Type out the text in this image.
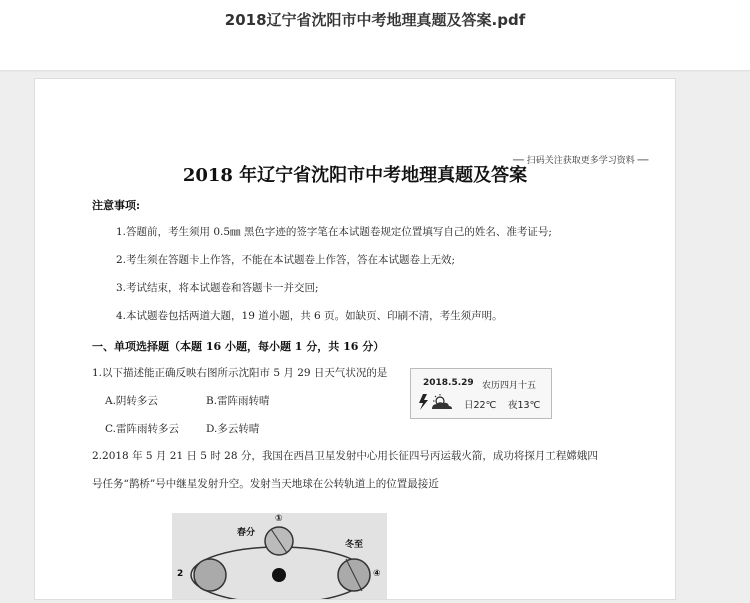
2018辽宁省沈阳市中考地理真题及答案.pdf
── 扫码关注获取更多学习资料 ──
2018 年辽宁省沈阳市中考地理真题及答案
注意事项:
1.答题前，考生须用 0.5㎜ 黑色字迹的签字笔在本试题卷规定位置填写自己的姓名、准考证号;
2.考生须在答题卡上作答，不能在本试题卷上作答，答在本试题卷上无效;
3.考试结束，将本试题卷和答题卡一并交回;
4.本试题卷包括两道大题，19 道小题，共 6 页。如缺页、印刷不清，考生须声明。
一、单项选择题（本题 16 小题，每小题 1 分，共 16 分）
1.以下描述能正确反映右图所示沈阳市 5 月 29 日天气状况的是
A.阴转多云	B.雷阵雨转晴
C.雷阵雨转多云	D.多云转晴
2018.5.29 农历四月十五
日22℃ 夜13℃
2.2018 年 5 月 21 日 5 时 28 分，我国在西昌卫星发射中心用长征四号丙运载火箭，成功将探月工程嫦娥四
号任务“鹊桥”号中继星发射升空。发射当天地球在公转轨道上的位置最接近
春分
①
冬至
2	④
